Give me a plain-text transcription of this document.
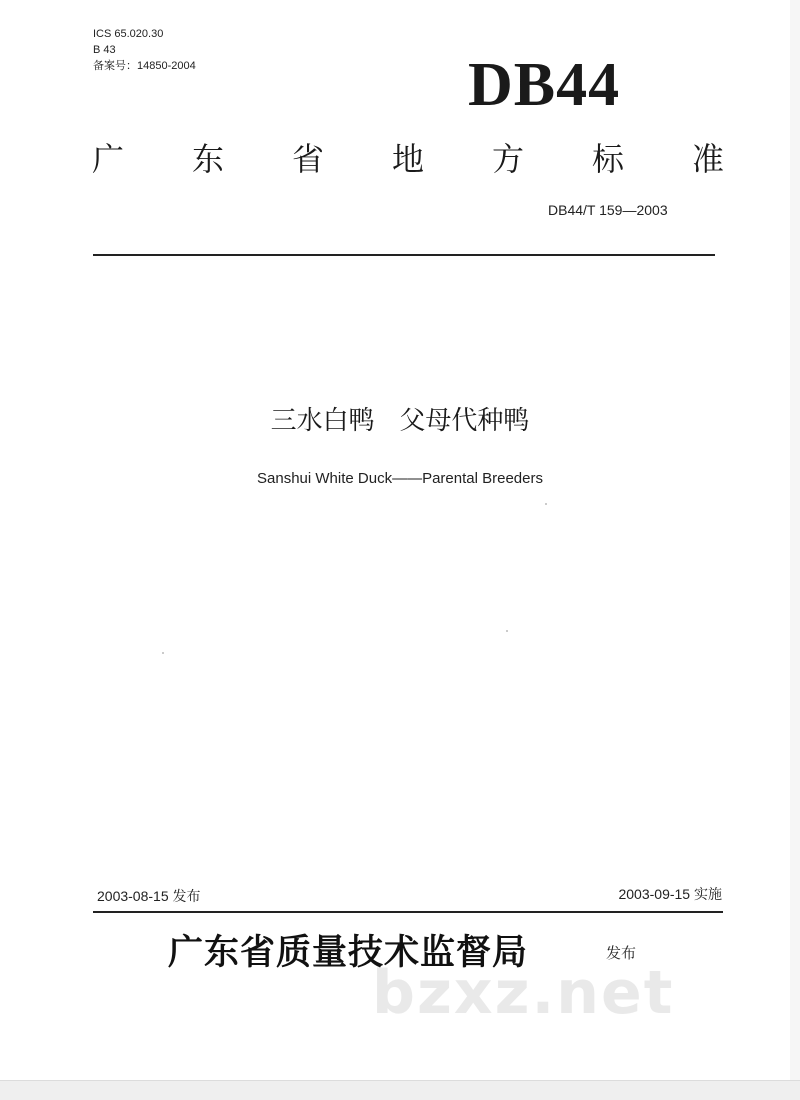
ICS 65.020.30
B 43
备案号：14850-2004	DB44
广 东 省 地 方 标 准
DB44/T 159—2003
三水白鸭   父母代种鸭
Sanshui White Duck——Parental Breeders
2003-08-15 发布	2003-09-15 实施
广东省质量技术监督局	发布
bzxz.net
